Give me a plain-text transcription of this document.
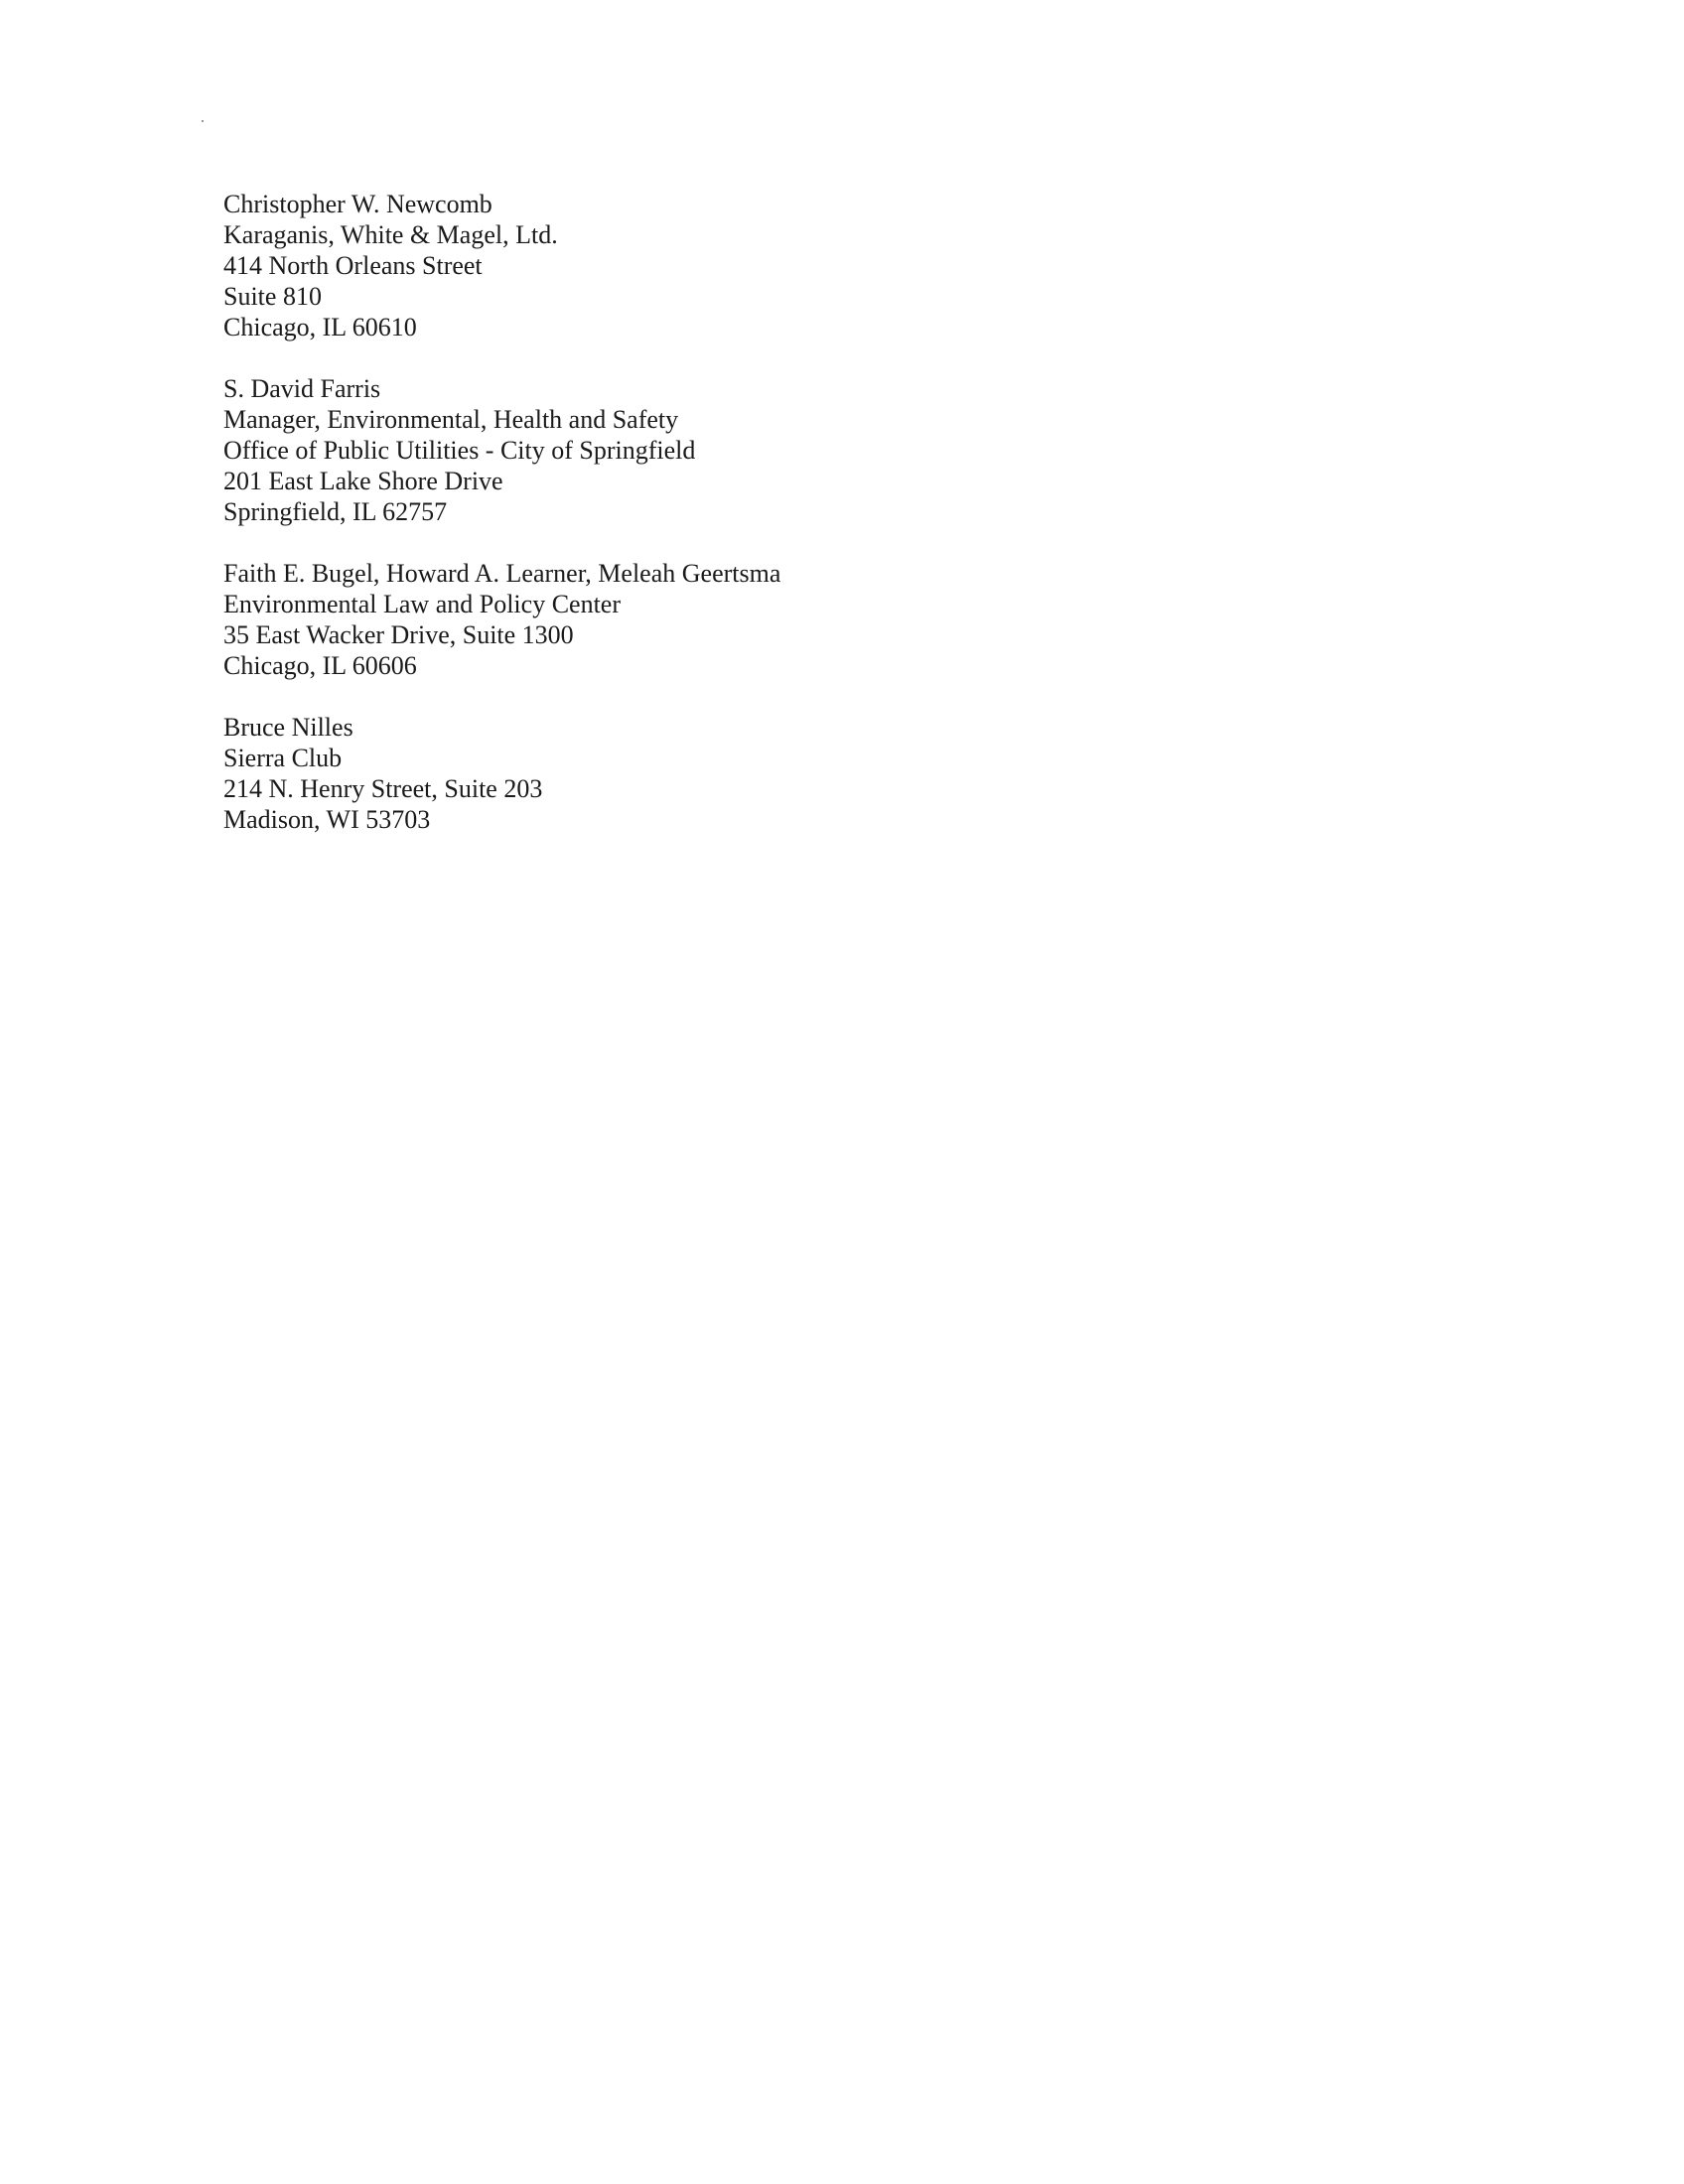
Christopher W. Newcomb
Karaganis, White & Magel, Ltd.
414 North Orleans Street
Suite 810
Chicago, IL 60610
S. David Farris
Manager, Environmental, Health and Safety
Office of Public Utilities - City of Springfield
201 East Lake Shore Drive
Springfield, IL 62757
Faith E. Bugel, Howard A. Learner, Meleah Geertsma
Environmental Law and Policy Center
35 East Wacker Drive, Suite 1300
Chicago, IL 60606
Bruce Nilles
Sierra Club
214 N. Henry Street, Suite 203
Madison, WI 53703
